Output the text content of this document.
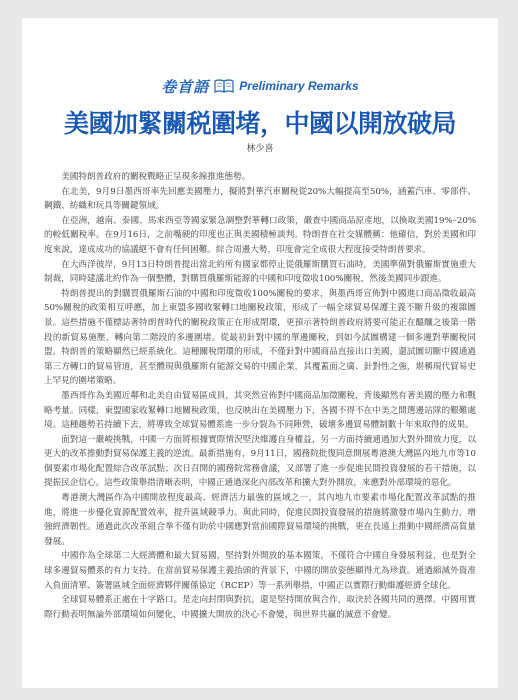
卷首語	Preliminary Remarks
美國加緊關税圍堵，中國以開放破局
林少喜

美國特朗普政府的關稅戰略正呈現多線推進態勢。

在北美，9月9日墨西哥率先回應美國壓力，擬將對華汽車關稅從20%大幅提高至50%，涵蓋汽車、零部件、鋼鐵、紡織和玩具等關鍵領域。

在亞洲，越南、泰國、馬來西亞等國家緊急調整對華轉口政策，嚴查中國商品原產地，以換取美國19%–20%的較低關稅率。在9月16日，之前嘴硬的印度也正與美國積極談判。特朗普在社交媒體稱：他確信，對於美國和印度來說，達成成功的協議絕不會有任何困難。綜合周邊大勢，印度會完全成很大程度接受特朗普要求。

在大西洋彼岸，9月13日特朗普提出當北約所有國家都停止從俄羅斯購買石油時，美國準備對俄羅斯實施重大制裁，同時建議北約作為一個整體，對購買俄羅斯能源的中國和印度徵收100%關稅，然後美國同步跟進。

特朗普提出的對購買俄羅斯石油的中國和印度徵收100%關稅的要求，與墨西哥宣佈對中國進口商品徵收最高50%關稅的政策相互呼應，加上東盟多國收緊轉口地關稅政策，形成了一幅全球貿易保護主義不斷升級的複雜圖景。這些措施不僅標誌著特朗普時代的關稅政策正在形成閉環，更預示著特朗普政府將要可能正在醞釀之後第一階段的新貿易施壓，轉向第二階段的多邊圍堵。從最初針對中國的單邊關稅，到如今試圖構建一個多邊對華關稅同盟，特朗普的策略顯然已經系統化。這種關稅閉環的形成，不僅針對中國商品直接出口美國，還試圖切斷中國通過第三方轉口的貿易管道，甚至體現與俄羅斯有能源交易的中國企業，其覆蓋面之廣、針對性之強，堪稱現代貿易史上罕見的圍堵策略。

墨西哥作為美國近鄰和北美自由貿易區成員，其突然宣佈對中國商品加徵關稅，背後顯然有著美國的壓力和戰略考量。同樣，東盟國家收緊轉口地關稅政策，也反映出在美國壓力下，各國不得不在中美之間選邊站隊的艱難處境。這種趨勢若持續下去，將導致全球貿易體系進一步分裂為不同陣營，破壞多邊貿易體制數十年來取得的成果。

面對這一嚴峻挑戰，中國一方面將根據實際情況堅決維護自身權益，另一方面持續通過加大對外開放力度，以更大的改革推動對貿易保護主義的逆流。最新措施有，9月11日，國務院批復同意開展粵港澳大灣區內地九市等10個要素市場化配置綜合改革試點；次日召開的國務院常務會議，又部署了進一步促進民間投資發展的若干措施，以提振民企信心。這些政策舉措清晰表明，中國正通過深化內部改革和擴大對外開放，來應對外部環境的惡化。

粵港澳大灣區作為中國開放程度最高、經濟活力最強的區域之一，其內地九市要素市場化配置改革試點的推進，將進一步優化資源配置效率，提升區域競爭力。與此同時，促進民間投資發展的措施將激發市場內生動力，增強經濟韌性。通過此次改革組合拳不僅有助於中國應對當前國際貿易環境的挑戰，更在長遠上推動中國經濟高質量發展。

中國作為全球第二大經濟體和最大貿易國，堅持對外開放的基本國策，不僅符合中國自身發展利益，也是對全球多邊貿易體系的有力支持。在當前貿易保護主義抬頭的背景下，中國的開放姿態顯得尤為珍貴。通過縮減外資准入負面清單、簽署區域全面經濟夥伴關係協定（RCEP）等一系列舉措，中國正以實際行動維護經濟全球化。

全球貿易體系正處在十字路口。是走向封閉與對抗，還是堅持開放與合作，取決於各國共同的選擇。中國用實際行動表明無論外部環境如何變化，中國擴大開放的決心不會變，與世界共贏的誠意不會變。
